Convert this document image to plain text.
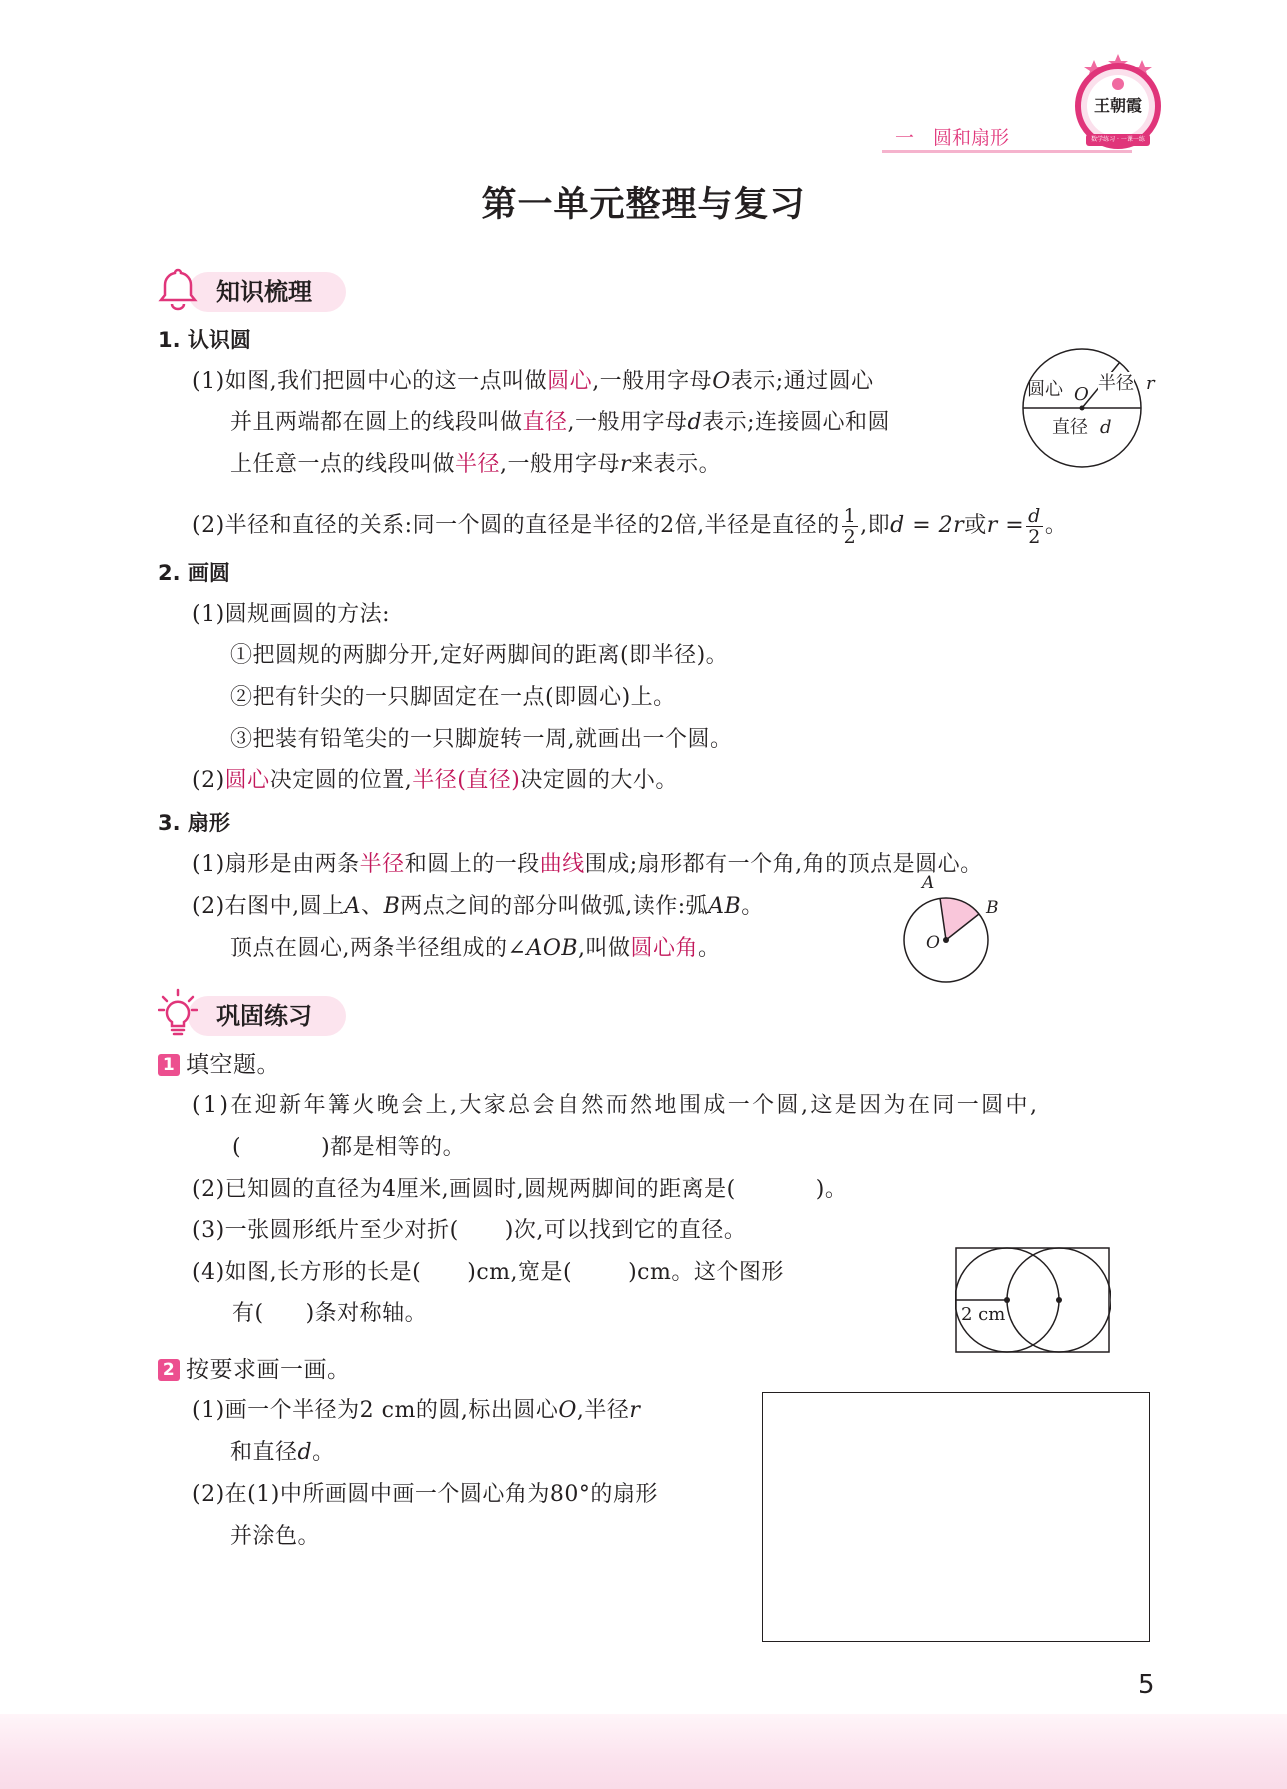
一　圆和扇形
王朝霞
数学练习 · 一课一练
第一单元整理与复习
知识梳理
1. 认识圆
(1)如图,我们把圆中心的这一点叫做圆心,一般用字母O表示;通过圆心
并且两端都在圆上的线段叫做直径,一般用字母d表示;连接圆心和圆
上任意一点的线段叫做半径,一般用字母r来表示。
圆心 O
半径 r
直径 d
(2)半径和直径的关系:同一个圆的直径是半径的2倍,半径是直径的 $\frac{1}{2}$ ,即d = 2r或$r = \frac{d}{2}$ 。
2. 画圆
(1)圆规画圆的方法:
①把圆规的两脚分开,定好两脚间的距离(即半径)。
②把有针尖的一只脚固定在一点(即圆心)上。
③把装有铅笔尖的一只脚旋转一周,就画出一个圆。
(2)圆心决定圆的位置,半径(直径)决定圆的大小。
3. 扇形
(1)扇形是由两条半径和圆上的一段曲线围成;扇形都有一个角,角的顶点是圆心。
(2)右图中,圆上A、B两点之间的部分叫做弧,读作:弧AB。
顶点在圆心,两条半径组成的∠AOB,叫做圆心角。
A
B
O
巩固练习
1 填空题。
(1)在迎新年篝火晚会上,大家总会自然而然地围成一个圆,这是因为在同一圆中,
(	)都是相等的。
(2)已知圆的直径为4厘米,画圆时,圆规两脚间的距离是(	)。
(3)一张圆形纸片至少对折( )次,可以找到它的直径。
(4)如图,长方形的长是( )cm,宽是(	)cm。这个图形
有( )条对称轴。	2 cm
2 按要求画一画。
(1)画一个半径为2 cm的圆,标出圆心O,半径r
和直径d。
(2)在(1)中所画圆中画一个圆心角为80°的扇形
并涂色。
5
